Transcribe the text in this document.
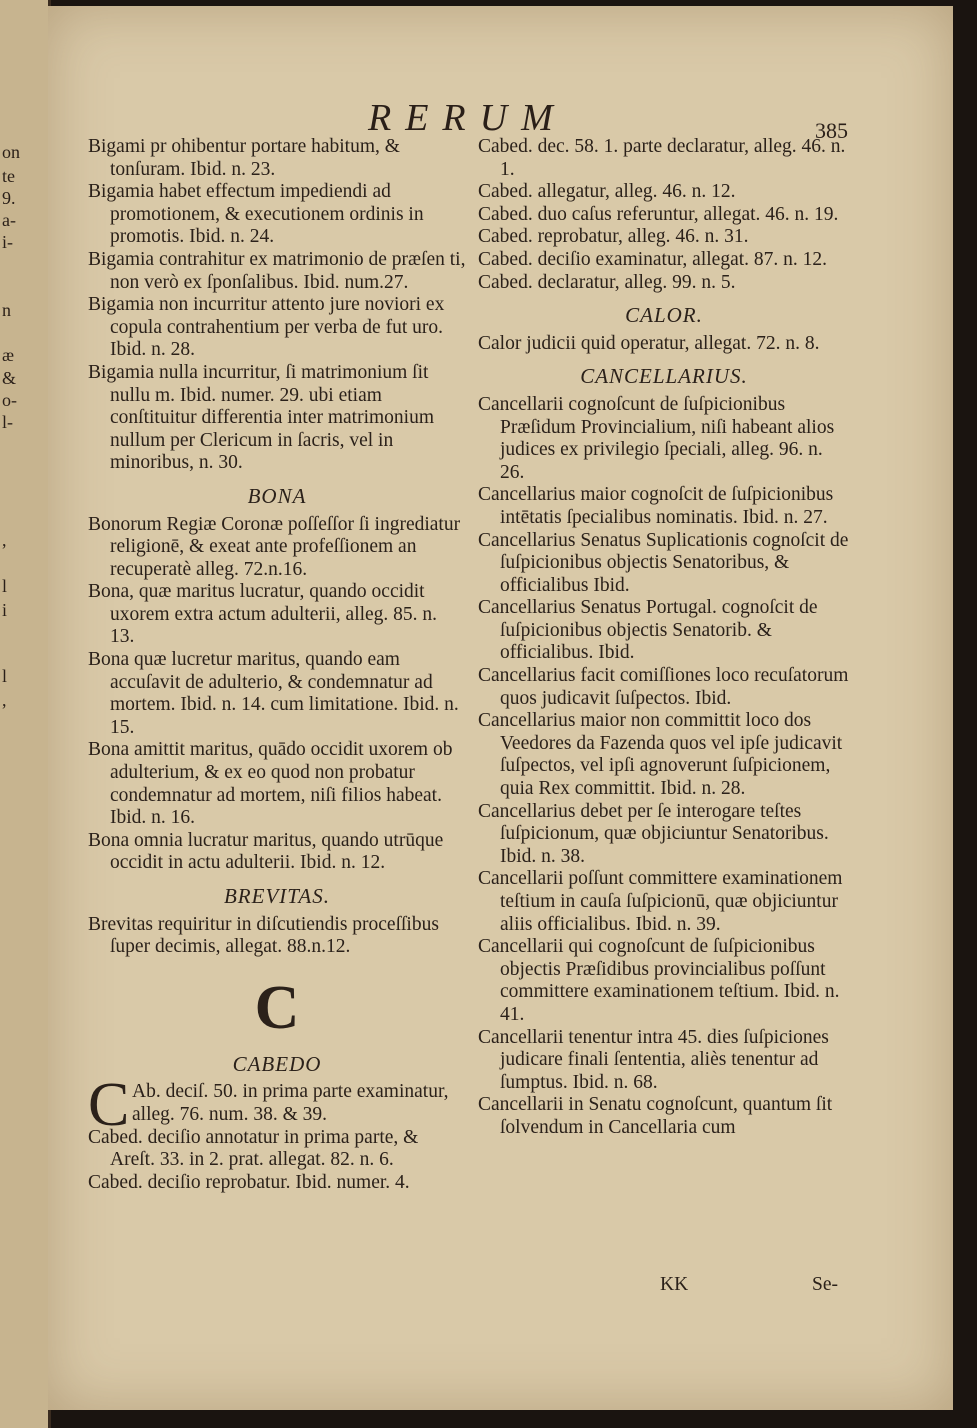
on
te
9.
a-
i-
n
æ
&
o-
l-
,
l
i
l
,
RERUM	385

Bigami pr ohibentur portare habitum, & tonſuram. Ibid. n. 23.

Bigamia habet effectum impediendi ad promotionem, & executionem ordinis in promotis. Ibid. n. 24.

Bigamia contrahitur ex matrimonio de præſen ti, non verò ex ſponſalibus. Ibid. num.27.

Bigamia non incurritur attento jure noviori ex copula contrahentium per verba de fut uro. Ibid. n. 28.

Bigamia nulla incurritur, ſi matrimonium ſit nullu m. Ibid. numer. 29. ubi etiam conſtituitur differentia inter matrimonium nullum per Clericum in ſacris, vel in minoribus, n. 30.

BONA

Bonorum Regiæ Coronæ poſſeſſor ſi ingrediatur religionē, & exeat ante profeſſionem an recuperatè alleg. 72.n.16.

Bona, quæ maritus lucratur, quando occidit uxorem extra actum adulterii, alleg. 85. n. 13.

Bona quæ lucretur maritus, quando eam accuſavit de adulterio, & condemnatur ad mortem. Ibid. n. 14. cum limitatione. Ibid. n. 15.

Bona amittit maritus, quādo occidit uxorem ob adulterium, & ex eo quod non probatur condemnatur ad mortem, niſi filios habeat. Ibid. n. 16.

Bona omnia lucratur maritus, quando utrūque occidit in actu adulterii. Ibid. n. 12.

BREVITAS.

Brevitas requiritur in diſcutiendis proceſſibus ſuper decimis, allegat. 88.n.12.

C
CABEDO

C Ab. deciſ. 50. in prima parte examinatur, alleg. 76. num. 38. & 39.

Cabed. deciſio annotatur in prima parte, & Areſt. 33. in 2. prat. allegat. 82. n. 6.

Cabed. deciſio reprobatur. Ibid. numer. 4.

Cabed. dec. 58. 1. parte declaratur, alleg. 46. n. 1.

Cabed. allegatur, alleg. 46. n. 12.

Cabed. duo caſus referuntur, allegat. 46. n. 19.

Cabed. reprobatur, alleg. 46. n. 31.

Cabed. deciſio examinatur, allegat. 87. n. 12.

Cabed. declaratur, alleg. 99. n. 5.

CALOR.

Calor judicii quid operatur, allegat. 72. n. 8.

CANCELLARIUS.

Cancellarii cognoſcunt de ſuſpicionibus Præſidum Provincialium, niſi habeant alios judices ex privilegio ſpeciali, alleg. 96. n. 26.

Cancellarius maior cognoſcit de ſuſpicionibus intētatis ſpecialibus nominatis. Ibid. n. 27.

Cancellarius Senatus Suplicationis cognoſcit de ſuſpicionibus objectis Senatoribus, & officialibus Ibid.

Cancellarius Senatus Portugal. cognoſcit de ſuſpicionibus objectis Senatorib. & officialibus. Ibid.

Cancellarius facit comiſſiones loco recuſatorum quos judicavit ſuſpectos. Ibid.

Cancellarius maior non committit loco dos Veedores da Fazenda quos vel ipſe judicavit ſuſpectos, vel ipſi agnoverunt ſuſpicionem, quia Rex committit. Ibid. n. 28.

Cancellarius debet per ſe interogare teſtes ſuſpicionum, quæ objiciuntur Senatoribus. Ibid. n. 38.

Cancellarii poſſunt committere examinationem teſtium in cauſa ſuſpicionū, quæ objiciuntur aliis officialibus. Ibid. n. 39.

Cancellarii qui cognoſcunt de ſuſpicionibus objectis Præſidibus provincialibus poſſunt committere examinationem teſtium. Ibid. n. 41.

Cancellarii tenentur intra 45. dies ſuſpiciones judicare finali ſententia, aliès tenentur ad ſumptus. Ibid. n. 68.

Cancellarii in Senatu cognoſcunt, quantum ſit ſolvendum in Cancellaria cum

KK	Se-
